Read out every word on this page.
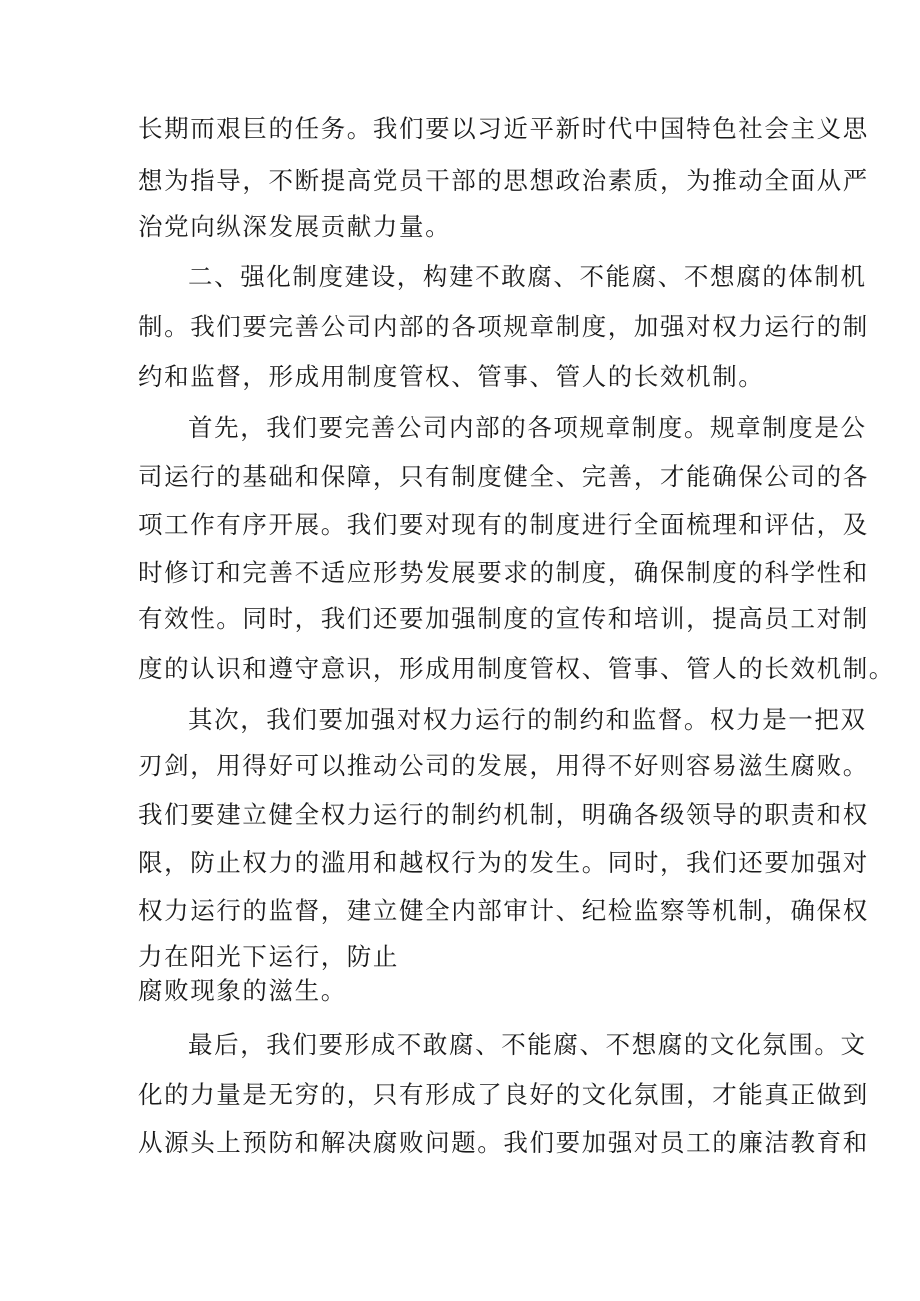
长期而艰巨的任务。我们要以习近平新时代中国特色社会主义思
想为指导，不断提高党员干部的思想政治素质，为推动全面从严
治党向纵深发展贡献力量。
二、强化制度建设，构建不敢腐、不能腐、不想腐的体制机
制。我们要完善公司内部的各项规章制度，加强对权力运行的制
约和监督，形成用制度管权、管事、管人的长效机制。
首先，我们要完善公司内部的各项规章制度。规章制度是公
司运行的基础和保障，只有制度健全、完善，才能确保公司的各
项工作有序开展。我们要对现有的制度进行全面梳理和评估，及
时修订和完善不适应形势发展要求的制度，确保制度的科学性和
有效性。同时，我们还要加强制度的宣传和培训，提高员工对制
度的认识和遵守意识，形成用制度管权、管事、管人的长效机制。
其次，我们要加强对权力运行的制约和监督。权力是一把双
刃剑，用得好可以推动公司的发展，用得不好则容易滋生腐败。
我们要建立健全权力运行的制约机制，明确各级领导的职责和权
限，防止权力的滥用和越权行为的发生。同时，我们还要加强对
权力运行的监督，建立健全内部审计、纪检监察等机制，确保权
力在阳光下运行，防止
腐败现象的滋生。
最后，我们要形成不敢腐、不能腐、不想腐的文化氛围。文
化的力量是无穷的，只有形成了良好的文化氛围，才能真正做到
从源头上预防和解决腐败问题。我们要加强对员工的廉洁教育和
